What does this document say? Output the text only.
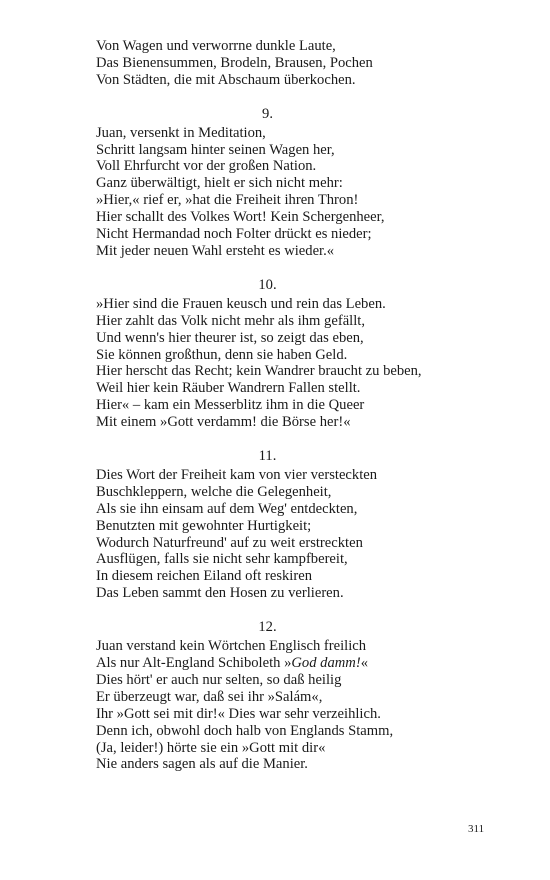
Von Wagen und verworrne dunkle Laute,
Das Bienensummen, Brodeln, Brausen, Pochen
Von Städten, die mit Abschaum überkochen.
9.
Juan, versenkt in Meditation,
Schritt langsam hinter seinen Wagen her,
Voll Ehrfurcht vor der großen Nation.
Ganz überwältigt, hielt er sich nicht mehr:
»Hier,« rief er, »hat die Freiheit ihren Thron!
Hier schallt des Volkes Wort! Kein Schergenheer,
Nicht Hermandad noch Folter drückt es nieder;
Mit jeder neuen Wahl ersteht es wieder.«
10.
»Hier sind die Frauen keusch und rein das Leben.
Hier zahlt das Volk nicht mehr als ihm gefällt,
Und wenn's hier theurer ist, so zeigt das eben,
Sie können großthun, denn sie haben Geld.
Hier herscht das Recht; kein Wandrer braucht zu beben,
Weil hier kein Räuber Wandrern Fallen stellt.
Hier« – kam ein Messerblitz ihm in die Queer
Mit einem »Gott verdamm! die Börse her!«
11.
Dies Wort der Freiheit kam von vier versteckten
Buschkleppern, welche die Gelegenheit,
Als sie ihn einsam auf dem Weg' entdeckten,
Benutzten mit gewohnter Hurtigkeit;
Wodurch Naturfreund' auf zu weit erstreckten
Ausflügen, falls sie nicht sehr kampfbereit,
In diesem reichen Eiland oft reskiren
Das Leben sammt den Hosen zu verlieren.
12.
Juan verstand kein Wörtchen Englisch freilich
Als nur Alt-England Schiboleth »God damm!«
Dies hört' er auch nur selten, so daß heilig
Er überzeugt war, daß sei ihr »Salám«,
Ihr »Gott sei mit dir!« Dies war sehr verzeihlich.
Denn ich, obwohl doch halb von Englands Stamm,
(Ja, leider!) hörte sie ein »Gott mit dir«
Nie anders sagen als auf die Manier.
311
